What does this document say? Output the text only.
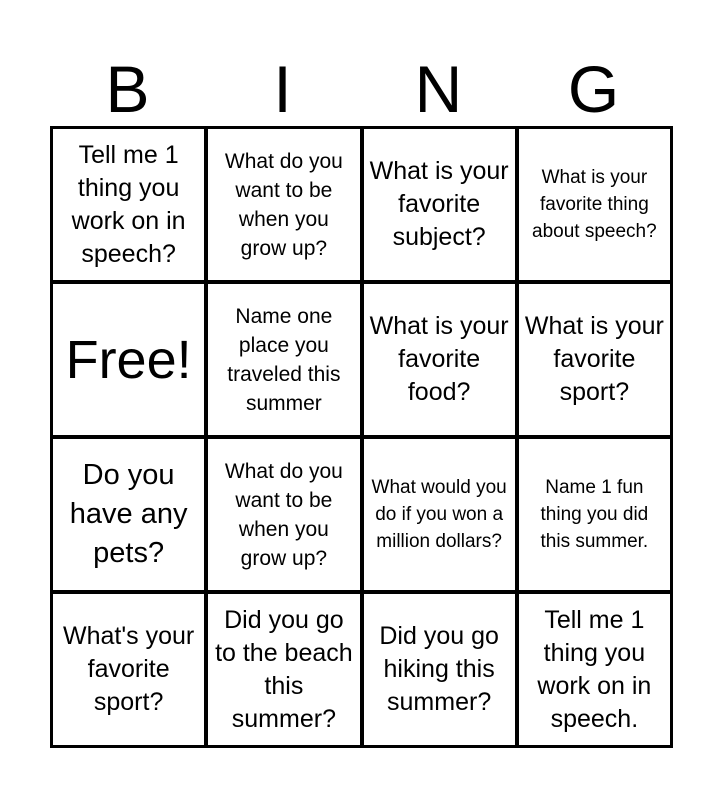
B	I	N	G
Tell me 1 thing you work on in speech?
What do you want to be when you grow up?
What is your favorite subject?
What is your favorite thing about speech?
Free!
Name one place you traveled this summer
What is your favorite food?
What is your favorite sport?
Do you have any pets?
What do you want to be when you grow up?
What would you do if you won a million dollars?
Name 1 fun thing you did this summer.
What's your favorite sport?
Did you go to the beach this summer?
Did you go hiking this summer?
Tell me 1 thing you work on in speech.
